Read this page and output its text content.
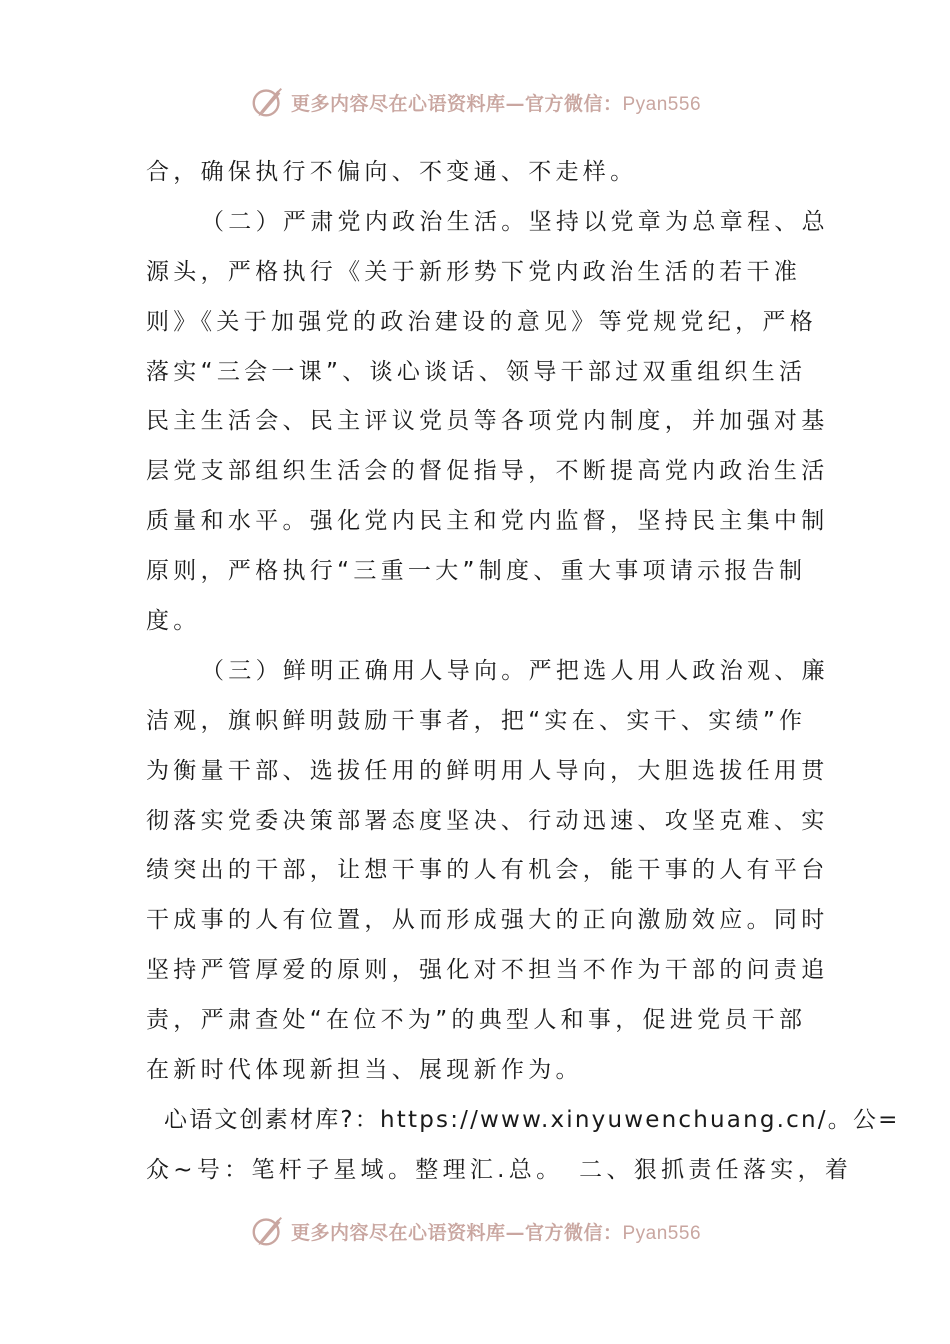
更多内容尽在心语资料库—官方微信：Pyan556
合，确保执行不偏向、不变通、不走样。
（二）严肃党内政治生活。坚持以党章为总章程、总
源头，严格执行《关于新形势下党内政治生活的若干准
则》《关于加强党的政治建设的意见》等党规党纪，严格
落实“三会一课”、谈心谈话、领导干部过双重组织生活
民主生活会、民主评议党员等各项党内制度，并加强对基
层党支部组织生活会的督促指导，不断提高党内政治生活
质量和水平。强化党内民主和党内监督，坚持民主集中制
原则，严格执行“三重一大”制度、重大事项请示报告制
度。
（三）鲜明正确用人导向。严把选人用人政治观、廉
洁观，旗帜鲜明鼓励干事者，把“实在、实干、实绩”作
为衡量干部、选拔任用的鲜明用人导向，大胆选拔任用贯
彻落实党委决策部署态度坚决、行动迅速、攻坚克难、实
绩突出的干部，让想干事的人有机会，能干事的人有平台
干成事的人有位置，从而形成强大的正向激励效应。同时
坚持严管厚爱的原则，强化对不担当不作为干部的问责追
责，严肃查处“在位不为”的典型人和事，促进党员干部
在新时代体现新担当、展现新作为。
心语文创素材库?：https://www.xinyuwenchuang.cn/。公=
众~号：笔杆子星域。整理汇.总。　二、狠抓责任落实，着
更多内容尽在心语资料库—官方微信：Pyan556
